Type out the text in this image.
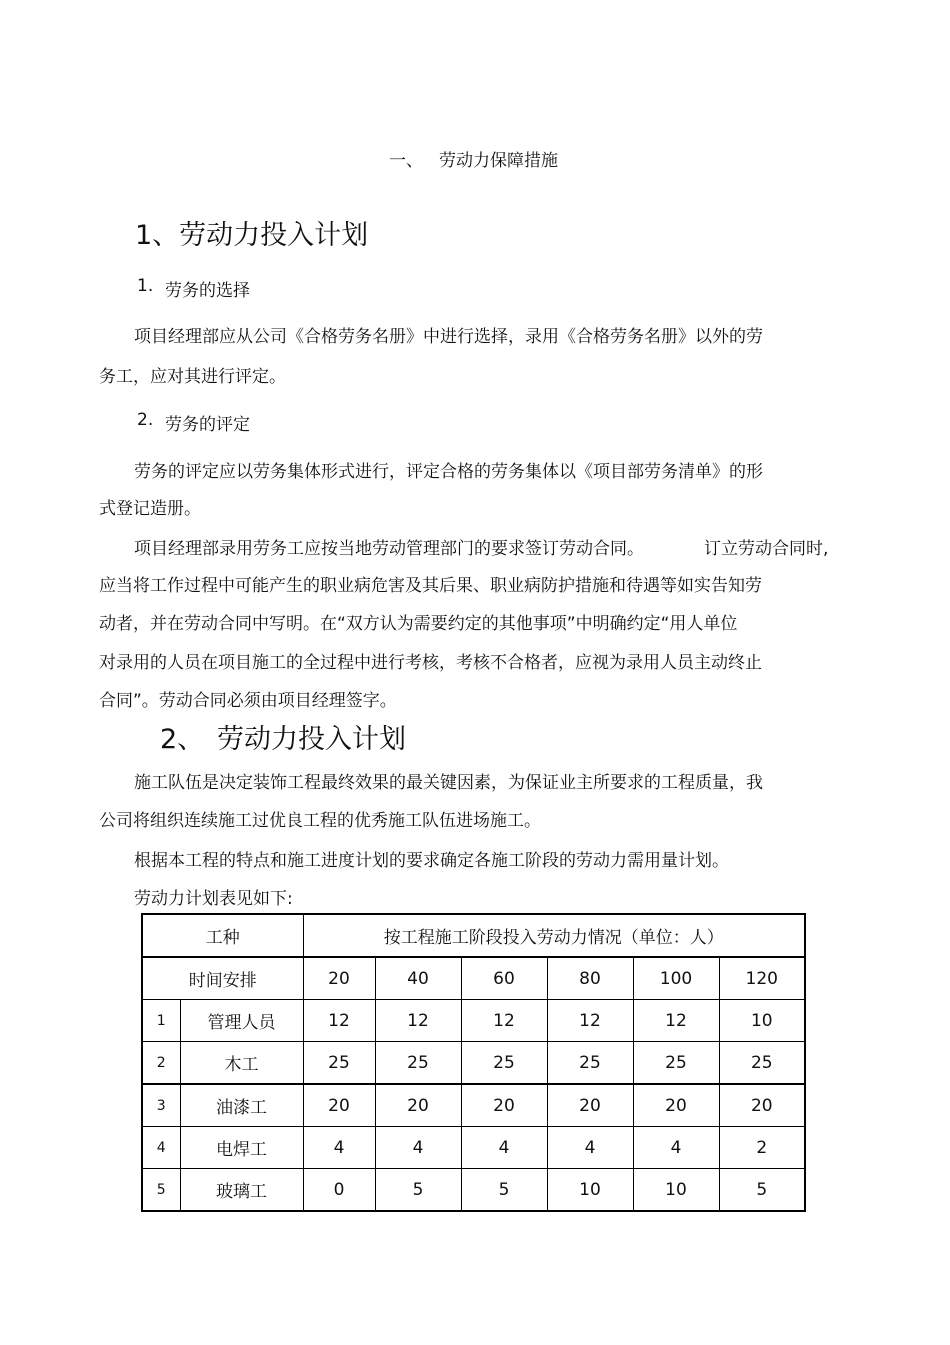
一、 劳动力保障措施
1、劳动力投入计划
1. 劳务的选择
项目经理部应从公司《合格劳务名册》中进行选择，录用《合格劳务名册》以外的劳
务工，应对其进行评定。
2. 劳务的评定
劳务的评定应以劳务集体形式进行，评定合格的劳务集体以《项目部劳务清单》的形
式登记造册。
项目经理部录用劳务工应按当地劳动管理部门的要求签订劳动合同。	订立劳动合同时,
应当将工作过程中可能产生的职业病危害及其后果、职业病防护措施和待遇等如实告知劳
动者，并在劳动合同中写明。在“双方认为需要约定的其他事项”中明确约定“用人单位
对录用的人员在项目施工的全过程中进行考核，考核不合格者，应视为录用人员主动终止
合同”。劳动合同必须由项目经理签字。
2、 劳动力投入计划
施工队伍是决定装饰工程最终效果的最关键因素，为保证业主所要求的工程质量，我
公司将组织连续施工过优良工程的优秀施工队伍进场施工。
根据本工程的特点和施工进度计划的要求确定各施工阶段的劳动力需用量计划。
劳动力计划表见如下:
工种		按工程施工阶段投入劳动力情况（单位：人）					
时间安排		20	40	60	80	100	120
1	管理人员	12	12	12	12	12	10
2	木工	25	25	25	25	25	25
3	油漆工	20	20	20	20	20	20
4	电焊工	4	4	4	4	4	2
5	玻璃工	0	5	5	10	10	5
